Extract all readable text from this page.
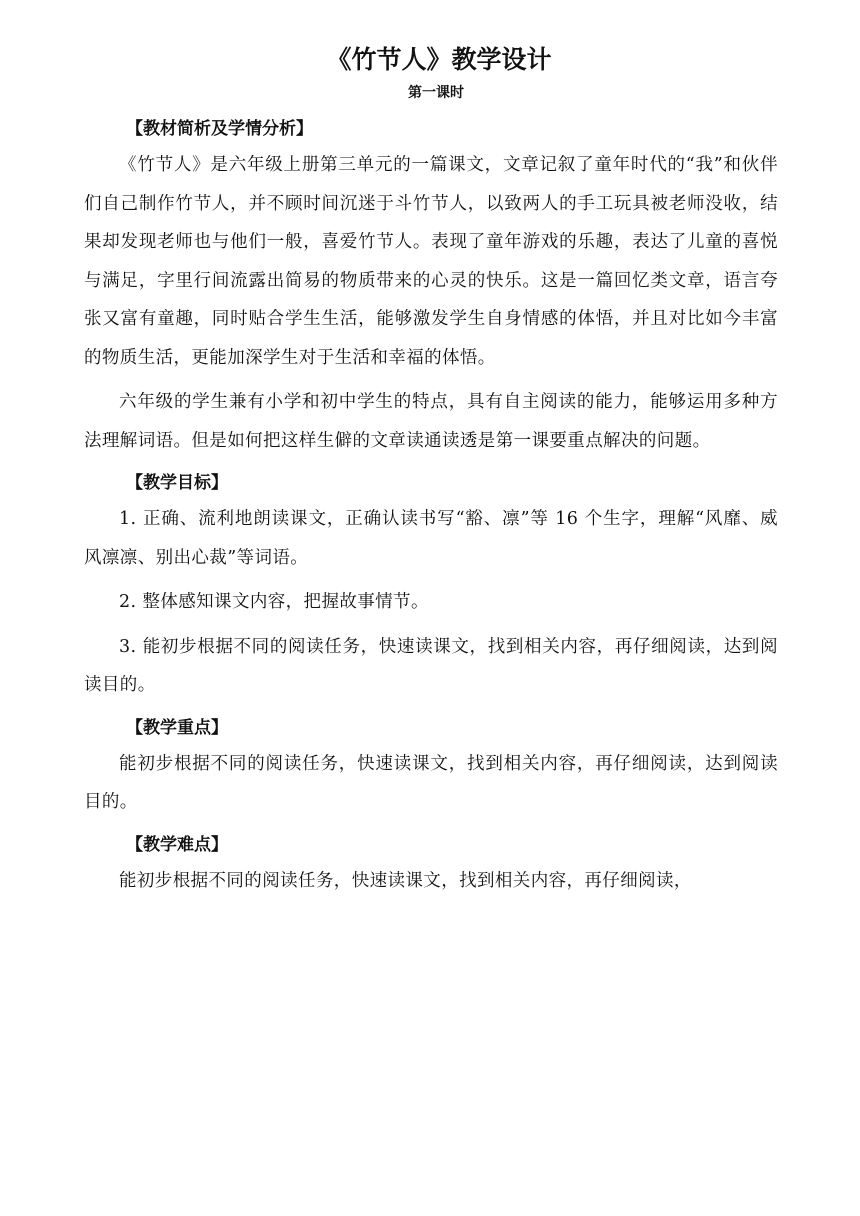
《竹节人》教学设计
第一课时
【教材简析及学情分析】

《竹节人》是六年级上册第三单元的一篇课文，文章记叙了童年时代的“我”和伙伴们自己制作竹节人，并不顾时间沉迷于斗竹节人，以致两人的手工玩具被老师没收，结果却发现老师也与他们一般，喜爱竹节人。表现了童年游戏的乐趣，表达了儿童的喜悦与满足，字里行间流露出简易的物质带来的心灵的快乐。这是一篇回忆类文章，语言夸张又富有童趣，同时贴合学生生活，能够激发学生自身情感的体悟，并且对比如今丰富的物质生活，更能加深学生对于生活和幸福的体悟。

六年级的学生兼有小学和初中学生的特点，具有自主阅读的能力，能够运用多种方法理解词语。但是如何把这样生僻的文章读通读透是第一课要重点解决的问题。

【教学目标】

1. 正确、流利地朗读课文，正确认读书写“豁、凛”等 16 个生字，理解“风靡、威风凛凛、别出心裁”等词语。

2. 整体感知课文内容，把握故事情节。

3. 能初步根据不同的阅读任务，快速读课文，找到相关内容，再仔细阅读，达到阅读目的。

【教学重点】

能初步根据不同的阅读任务，快速读课文，找到相关内容，再仔细阅读，达到阅读目的。

【教学难点】

能初步根据不同的阅读任务，快速读课文，找到相关内容，再仔细阅读，
